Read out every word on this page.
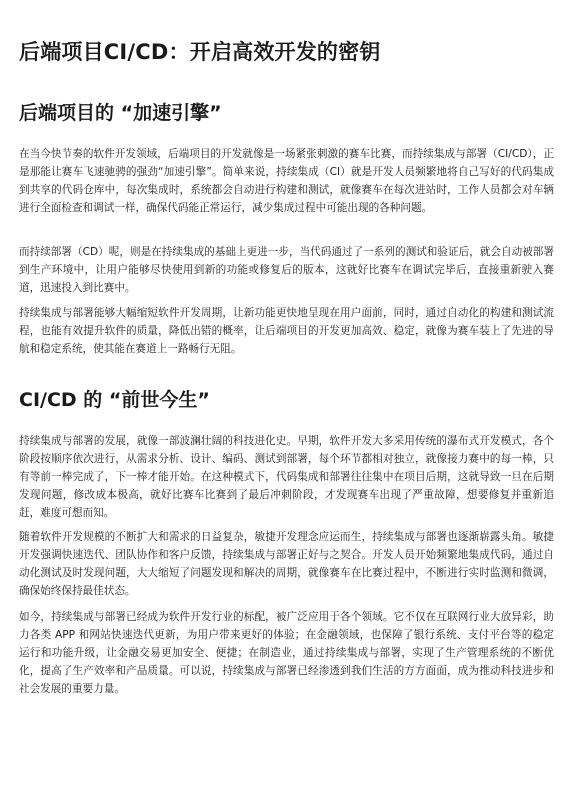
后端项目CI/CD：开启高效开发的密钥
后端项目的 “加速引擎”

在当今快节奏的软件开发领域，后端项目的开发就像是一场紧张刺激的赛车比赛，而持续集成与部署（CI/CD），正是那能让赛车飞速驰骋的强劲“加速引擎”。简单来说，持续集成（CI）就是开发人员频繁地将自己写好的代码集成到共享的代码仓库中，每次集成时，系统都会自动进行构建和测试，就像赛车在每次进站时，工作人员都会对车辆进行全面检查和调试一样，确保代码能正常运行，减少集成过程中可能出现的各种问题。

而持续部署（CD）呢，则是在持续集成的基础上更进一步，当代码通过了一系列的测试和验证后，就会自动被部署到生产环境中，让用户能够尽快使用到新的功能或修复后的版本，这就好比赛车在调试完毕后，直接重新驶入赛道，迅速投入到比赛中。

持续集成与部署能够大幅缩短软件开发周期，让新功能更快地呈现在用户面前，同时，通过自动化的构建和测试流程，也能有效提升软件的质量，降低出错的概率，让后端项目的开发更加高效、稳定，就像为赛车装上了先进的导航和稳定系统，使其能在赛道上一路畅行无阻。

CI/CD 的 “前世今生”

持续集成与部署的发展，就像一部波澜壮阔的科技进化史。早期，软件开发大多采用传统的瀑布式开发模式，各个阶段按顺序依次进行，从需求分析、设计、编码、测试到部署，每个环节都相对独立，就像接力赛中的每一棒，只有等前一棒完成了，下一棒才能开始。在这种模式下，代码集成和部署往往集中在项目后期，这就导致一旦在后期发现问题，修改成本极高，就好比赛车比赛到了最后冲刺阶段，才发现赛车出现了严重故障，想要修复并重新追赶，难度可想而知。

随着软件开发规模的不断扩大和需求的日益复杂，敏捷开发理念应运而生，持续集成与部署也逐渐崭露头角。敏捷开发强调快速迭代、团队协作和客户反馈，持续集成与部署正好与之契合。开发人员开始频繁地集成代码，通过自动化测试及时发现问题，大大缩短了问题发现和解决的周期，就像赛车在比赛过程中，不断进行实时监测和微调，确保始终保持最佳状态。

如今，持续集成与部署已经成为软件开发行业的标配，被广泛应用于各个领域。它不仅在互联网行业大放异彩，助力各类 APP 和网站快速迭代更新，为用户带来更好的体验；在金融领域，也保障了银行系统、支付平台等的稳定运行和功能升级，让金融交易更加安全、便捷；在制造业，通过持续集成与部署，实现了生产管理系统的不断优化，提高了生产效率和产品质量。可以说，持续集成与部署已经渗透到我们生活的方方面面，成为推动科技进步和社会发展的重要力量。
